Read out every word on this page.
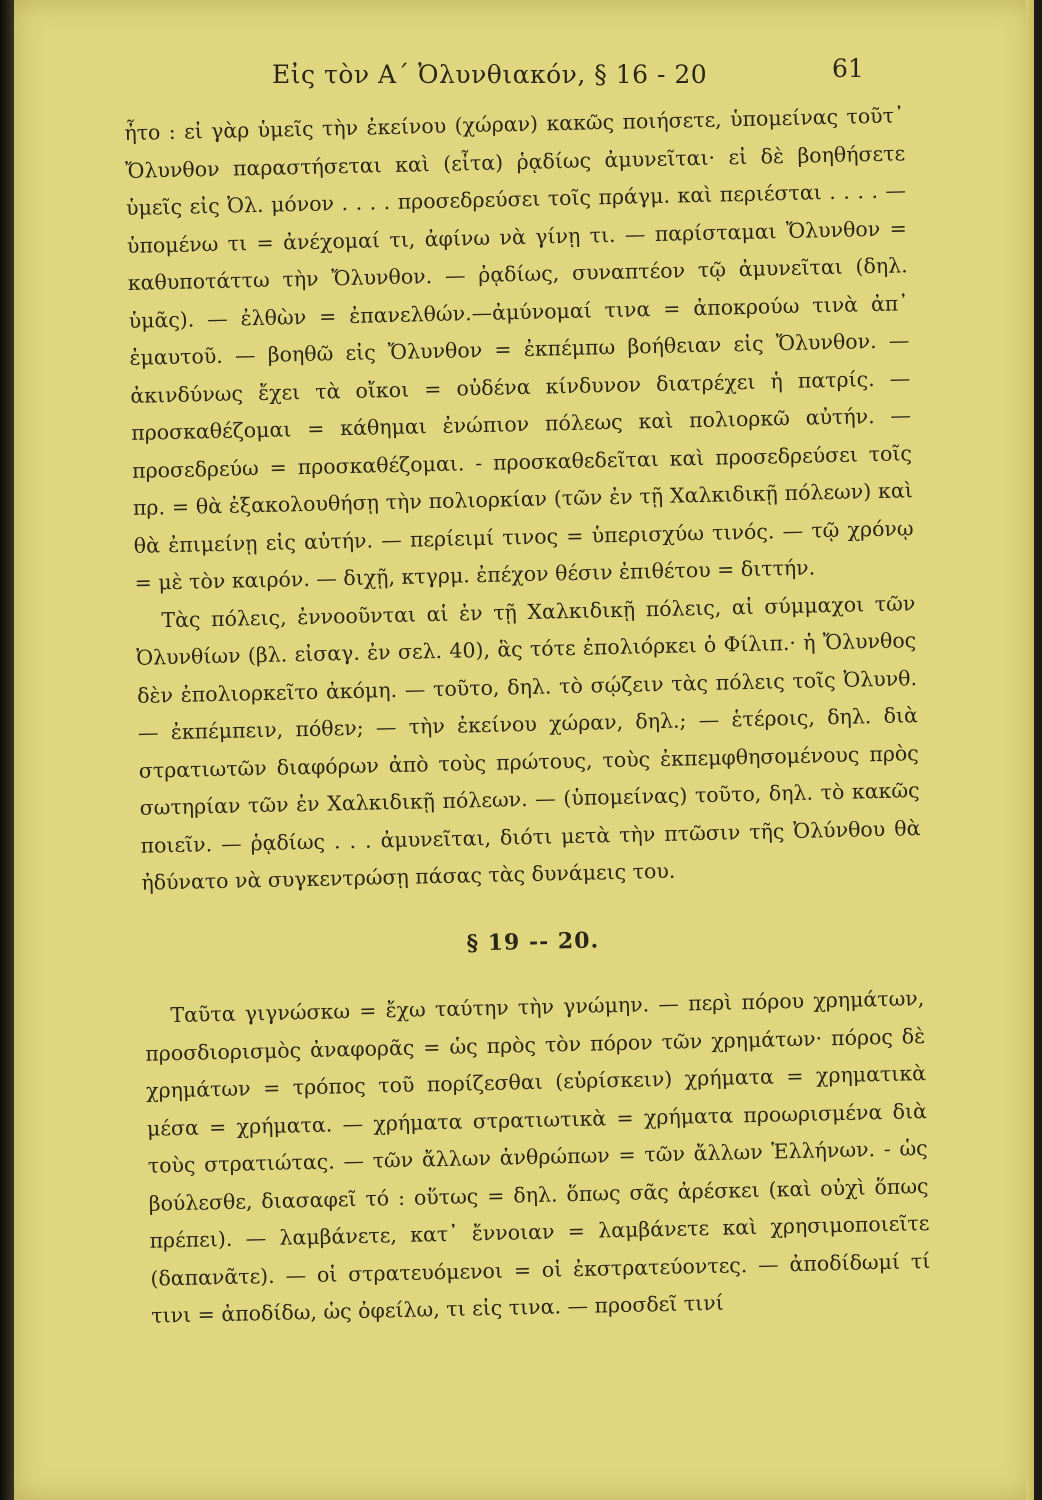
Εἰς τὸν Α΄ Ὀλυνθιακόν, § 16 - 20	61

ἦτο : εἰ γὰρ ὑμεῖς τὴν ἐκείνου (χώραν) κακῶς ποιήσετε, ὑπομείνας τοῦτ᾽ Ὄλυνθον παραστήσεται καὶ (εἶτα) ῥᾳδίως ἀμυνεῖται· εἰ δὲ βοηθήσετε ὑμεῖς εἰς Ὀλ. μόνον . . . . προσεδρεύσει τοῖς πράγμ. καὶ περιέσται . . . . — ὑπομένω τι = ἀνέχομαί τι, ἀφίνω νὰ γίνῃ τι. — παρίσταμαι Ὄλυνθον = καθυποτάττω τὴν Ὄλυνθον. — ῥᾳδίως, συναπτέον τῷ ἀμυνεῖται (δηλ. ὑμᾶς). — ἐλθὼν = ἐπανελθών.—ἀμύνομαί τινα = ἀποκρούω τινὰ ἀπ᾽ ἐμαυτοῦ. — βοηθῶ εἰς Ὄλυνθον = ἐκπέμπω βοήθειαν εἰς Ὄλυνθον. — ἀκινδύνως ἔχει τὰ οἴκοι = οὐδένα κίνδυνον διατρέχει ἡ πατρίς. — προσκαθέζομαι = κάθημαι ἐνώπιον πόλεως καὶ πολιορκῶ αὐτήν. — προσεδρεύω = προσκαθέζομαι. - προσκαθεδεῖται καὶ προσεδρεύσει τοῖς πρ. = θὰ ἐξακολουθήσῃ τὴν πολιορκίαν (τῶν ἐν τῇ Χαλκιδικῇ πόλεων) καὶ θὰ ἐπιμείνῃ εἰς αὐτήν. — περίειμί τινος = ὑπερισχύω τινός. — τῷ χρόνῳ = μὲ τὸν καιρόν. — διχῇ, κτγρμ. ἐπέχον θέσιν ἐπιθέτου = διττήν.

Τὰς πόλεις, ἐννοοῦνται αἱ ἐν τῇ Χαλκιδικῇ πόλεις, αἱ σύμμαχοι τῶν Ὀλυνθίων (βλ. εἰσαγ. ἐν σελ. 40), ἃς τότε ἐπολιόρκει ὁ Φίλιπ.· ἡ Ὄλυνθος δὲν ἐπολιορκεῖτο ἀκόμη. — τοῦτο, δηλ. τὸ σῴζειν τὰς πόλεις τοῖς Ὀλυνθ. — ἐκπέμπειν, πόθεν; — τὴν ἐκείνου χώραν, δηλ.; — ἑτέροις, δηλ. διὰ στρατιωτῶν διαφόρων ἀπὸ τοὺς πρώτους, τοὺς ἐκπεμφθησομένους πρὸς σωτηρίαν τῶν ἐν Χαλκιδικῇ πόλεων. — (ὑπομείνας) τοῦτο, δηλ. τὸ κακῶς ποιεῖν. — ῥᾳδίως . . . ἀμυνεῖται, διότι μετὰ τὴν πτῶσιν τῆς Ὀλύνθου θὰ ἠδύνατο νὰ συγκεντρώσῃ πάσας τὰς δυνάμεις του.

§ 19 -- 20.

Ταῦτα γιγνώσκω = ἔχω ταύτην τὴν γνώμην. — περὶ πόρου χρημάτων, προσδιορισμὸς ἀναφορᾶς = ὡς πρὸς τὸν πόρον τῶν χρημάτων· πόρος δὲ χρημάτων = τρόπος τοῦ πορίζεσθαι (εὑρίσκειν) χρήματα = χρηματικὰ μέσα = χρήματα. — χρήματα στρατιωτικὰ = χρήματα προωρισμένα διὰ τοὺς στρατιώτας. — τῶν ἄλλων ἀνθρώπων = τῶν ἄλλων Ἑλλήνων. - ὡς βούλεσθε, διασαφεῖ τό : οὕτως = δηλ. ὅπως σᾶς ἀρέσκει (καὶ οὐχὶ ὅπως πρέπει). — λαμβάνετε, κατ᾽ ἔννοιαν = λαμβάνετε καὶ χρησιμοποιεῖτε (δαπανᾶτε). — οἱ στρατευόμενοι = οἱ ἐκστρατεύοντες. — ἀποδίδωμί τί τινι = ἀποδίδω, ὡς ὀφείλω, τι εἰς τινα. — προσδεῖ τινί
